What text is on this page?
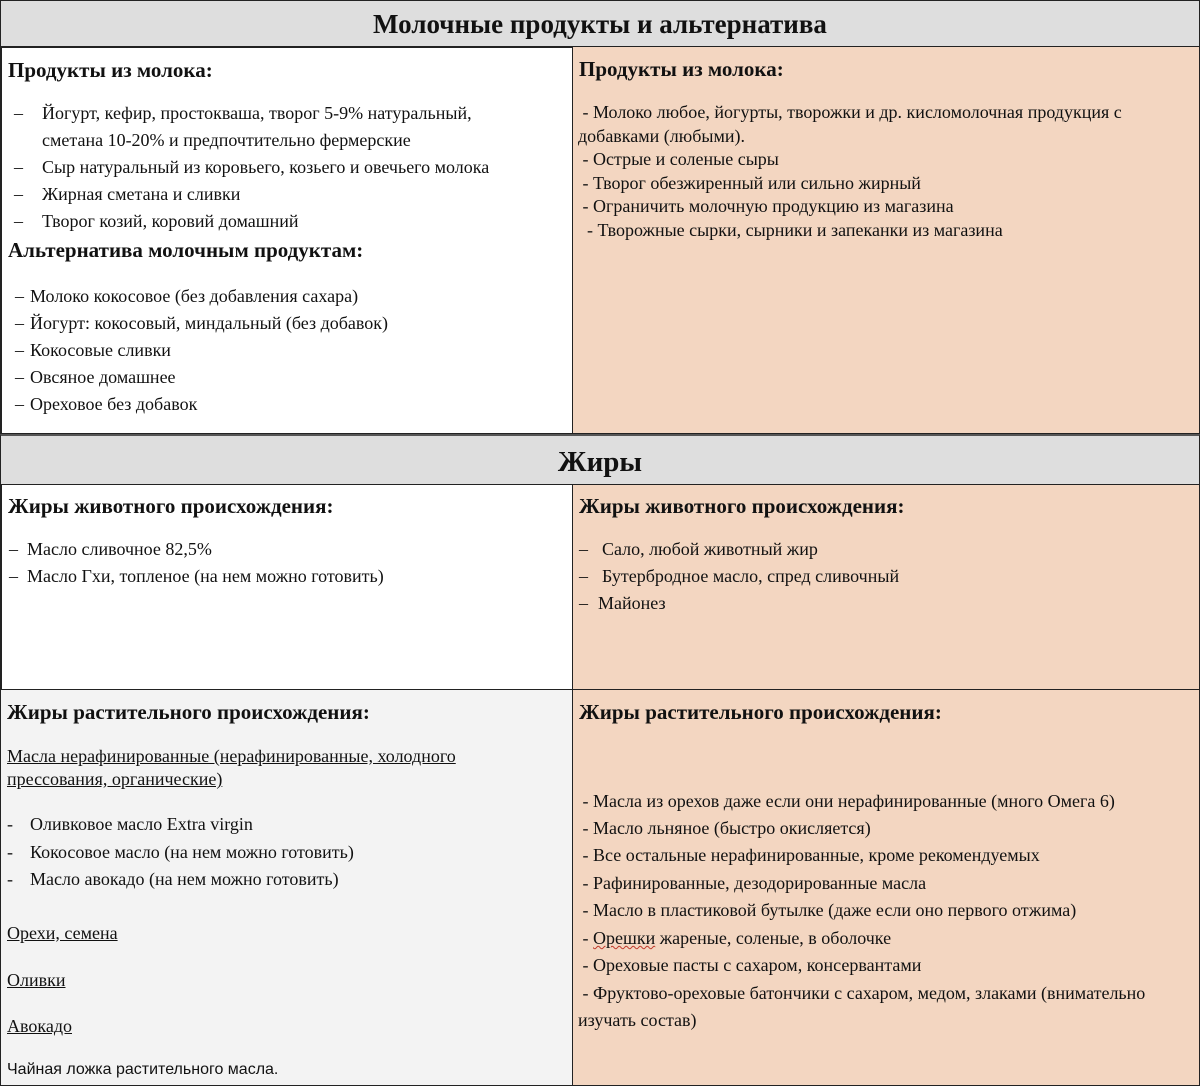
Молочные продукты и альтернатива
Продукты из молока:
– Йогурт, кефир, простокваша, творог 5-9% натуральный,
сметана 10-20% и предпочтительно фермерские
– Сыр натуральный из коровьего, козьего и овечьего молока
– Жирная сметана и сливки
– Творог козий, коровий домашний
Альтернатива молочным продуктам:
– Молоко кокосовое (без добавления сахара)
– Йогурт: кокосовый, миндальный (без добавок)
– Кокосовые сливки
– Овсяное домашнее
– Ореховое без добавок
Продукты из молока:
- Молоко любое, йогурты, творожки и др. кисломолочная продукция с
добавками (любыми).
- Острые и соленые сыры
- Творог обезжиренный или сильно жирный
- Ограничить молочную продукцию из магазина
- Творожные сырки, сырники и запеканки из магазина
Жиры
Жиры животного происхождения:
– Масло сливочное 82,5%
– Масло Гхи, топленое (на нем можно готовить)
Жиры животного происхождения:
– Сало, любой животный жир
– Бутербродное масло, спред сливочный
– Майонез
Жиры растительного происхождения:
Масла нерафинированные (нерафинированные, холодного
прессования, органические)
- Оливковое масло Extra virgin
- Кокосовое масло (на нем можно готовить)
- Масло авокадо (на нем можно готовить)
Орехи, семена
Оливки
Авокадо
Чайная ложка растительного масла.
Жиры растительного происхождения:
- Масла из орехов даже если они нерафинированные (много Омега 6)
- Масло льняное (быстро окисляется)
- Все остальные нерафинированные, кроме рекомендуемых
- Рафинированные, дезодорированные масла
- Масло в пластиковой бутылке (даже если оно первого отжима)
- Орешки жареные, соленые, в оболочке
- Ореховые пасты с сахаром, консервантами
- Фруктово-ореховые батончики с сахаром, медом, злаками (внимательно
изучать состав)
